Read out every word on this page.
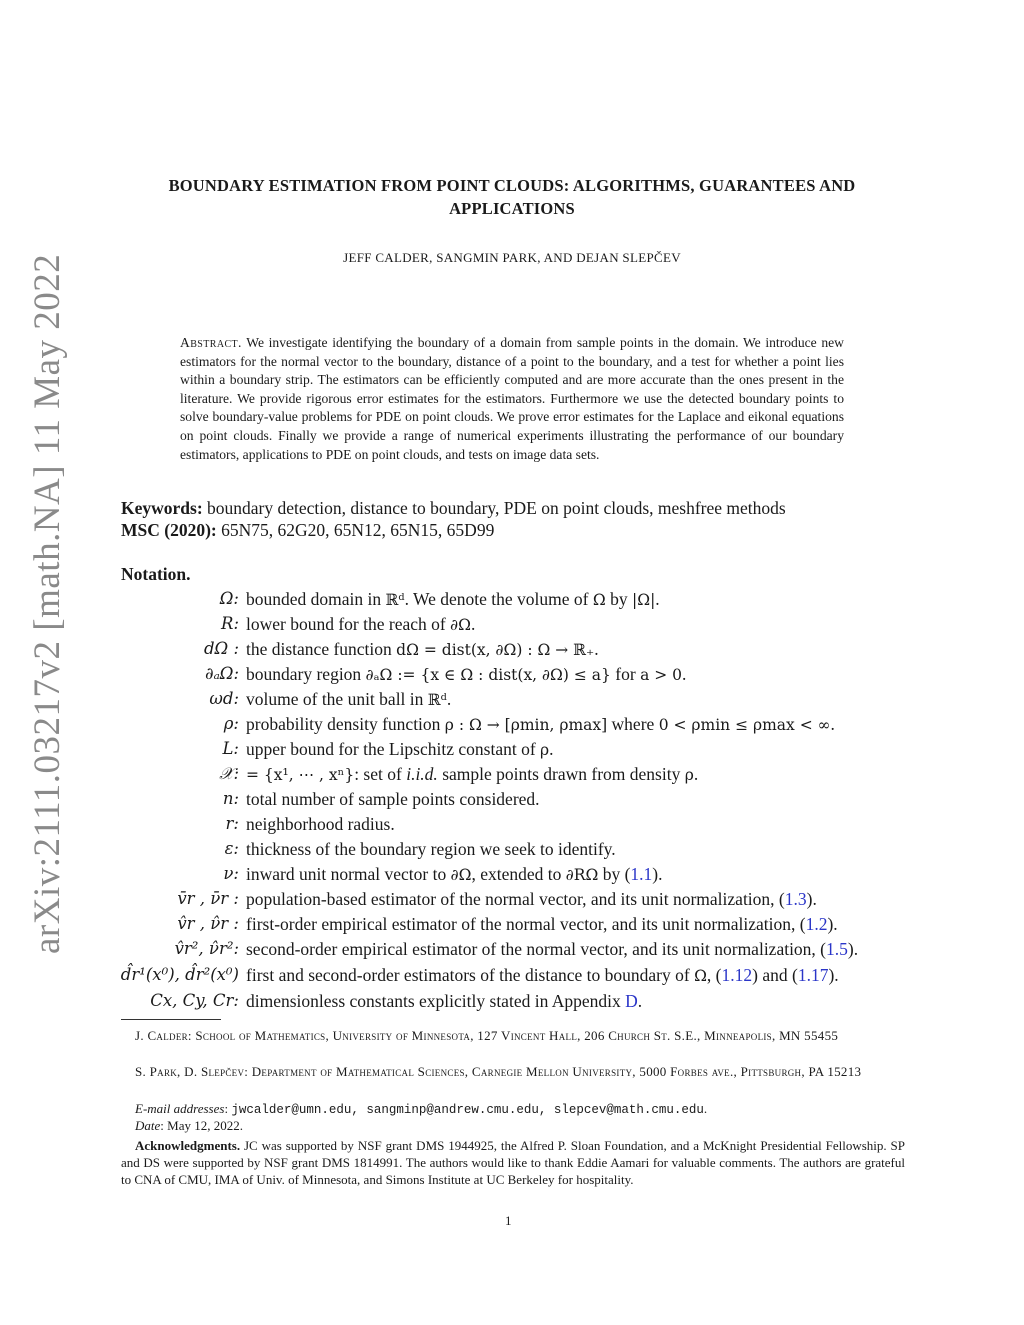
arXiv:2111.03217v2 [math.NA] 11 May 2022
BOUNDARY ESTIMATION FROM POINT CLOUDS: ALGORITHMS, GUARANTEES AND
APPLICATIONS
JEFF CALDER, SANGMIN PARK, AND DEJAN SLEPČEV
Abstract. We investigate identifying the boundary of a domain from sample points in the domain. We introduce new estimators for the normal vector to the boundary, distance of a point to the boundary, and a test for whether a point lies within a boundary strip. The estimators can be efficiently computed and are more accurate than the ones present in the literature. We provide rigorous error estimates for the estimators. Furthermore we use the detected boundary points to solve boundary-value problems for PDE on point clouds. We prove error estimates for the Laplace and eikonal equations on point clouds. Finally we provide a range of numerical experiments illustrating the performance of our boundary estimators, applications to PDE on point clouds, and tests on image data sets.
Keywords: boundary detection, distance to boundary, PDE on point clouds, meshfree methods
MSC (2020): 65N75, 62G20, 65N12, 65N15, 65D99
Notation.
Ω: bounded domain in ℝᵈ. We denote the volume of Ω by |Ω|.
R: lower bound for the reach of ∂Ω.
dΩ : the distance function dΩ = dist(x, ∂Ω) : Ω → ℝ₊.
∂ₐΩ: boundary region ∂ₐΩ := {x ∈ Ω : dist(x, ∂Ω) ≤ a} for a > 0.
ωd: volume of the unit ball in ℝᵈ.
ρ: probability density function ρ : Ω → [ρmin, ρmax] where 0 < ρmin ≤ ρmax < ∞.
L: upper bound for the Lipschitz constant of ρ.
𝒳: = {x¹, ⋯ , xⁿ}: set of i.i.d. sample points drawn from density ρ.
n: total number of sample points considered.
r: neighborhood radius.
ε: thickness of the boundary region we seek to identify.
ν: inward unit normal vector to ∂Ω, extended to ∂RΩ by (1.1).
v̄r , ν̄r : population-based estimator of the normal vector, and its unit normalization, (1.3).
v̂r , ν̂r : first-order empirical estimator of the normal vector, and its unit normalization, (1.2).
v̂r², ν̂r²: second-order empirical estimator of the normal vector, and its unit normalization, (1.5).
d̂r¹(x⁰), d̂r²(x⁰) first and second-order estimators of the distance to boundary of Ω, (1.12) and (1.17).
Cx, Cy, Cr: dimensionless constants explicitly stated in Appendix D.
J. Calder: School of Mathematics, University of Minnesota, 127 Vincent Hall, 206 Church St. S.E., Minneapolis, MN 55455
S. Park, D. Slepčev: Department of Mathematical Sciences, Carnegie Mellon University, 5000 Forbes ave., Pittsburgh, PA 15213
E-mail addresses: jwcalder@umn.edu, sangminp@andrew.cmu.edu, slepcev@math.cmu.edu.
Date: May 12, 2022.
Acknowledgments. JC was supported by NSF grant DMS 1944925, the Alfred P. Sloan Foundation, and a McKnight Presidential Fellowship. SP and DS were supported by NSF grant DMS 1814991. The authors would like to thank Eddie Aamari for valuable comments. The authors are grateful to CNA of CMU, IMA of Univ. of Minnesota, and Simons Institute at UC Berkeley for hospitality.
1
